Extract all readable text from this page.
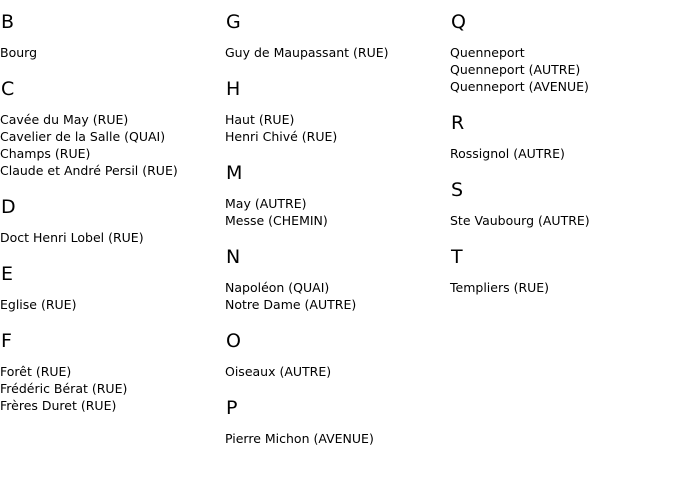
B
Bourg
C
Cavée du May (RUE)
Cavelier de la Salle (QUAI)
Champs (RUE)
Claude et André Persil (RUE)
D
Doct Henri Lobel (RUE)
E
Eglise (RUE)
F
Forêt (RUE)
Frédéric Bérat (RUE)
Frères Duret (RUE)
G
Guy de Maupassant (RUE)
H
Haut (RUE)
Henri Chivé (RUE)
M
May (AUTRE)
Messe (CHEMIN)
N
Napoléon (QUAI)
Notre Dame (AUTRE)
O
Oiseaux (AUTRE)
P
Pierre Michon (AVENUE)
Q
Quenneport
Quenneport (AUTRE)
Quenneport (AVENUE)
R
Rossignol (AUTRE)
S
Ste Vaubourg (AUTRE)
T
Templiers (RUE)
